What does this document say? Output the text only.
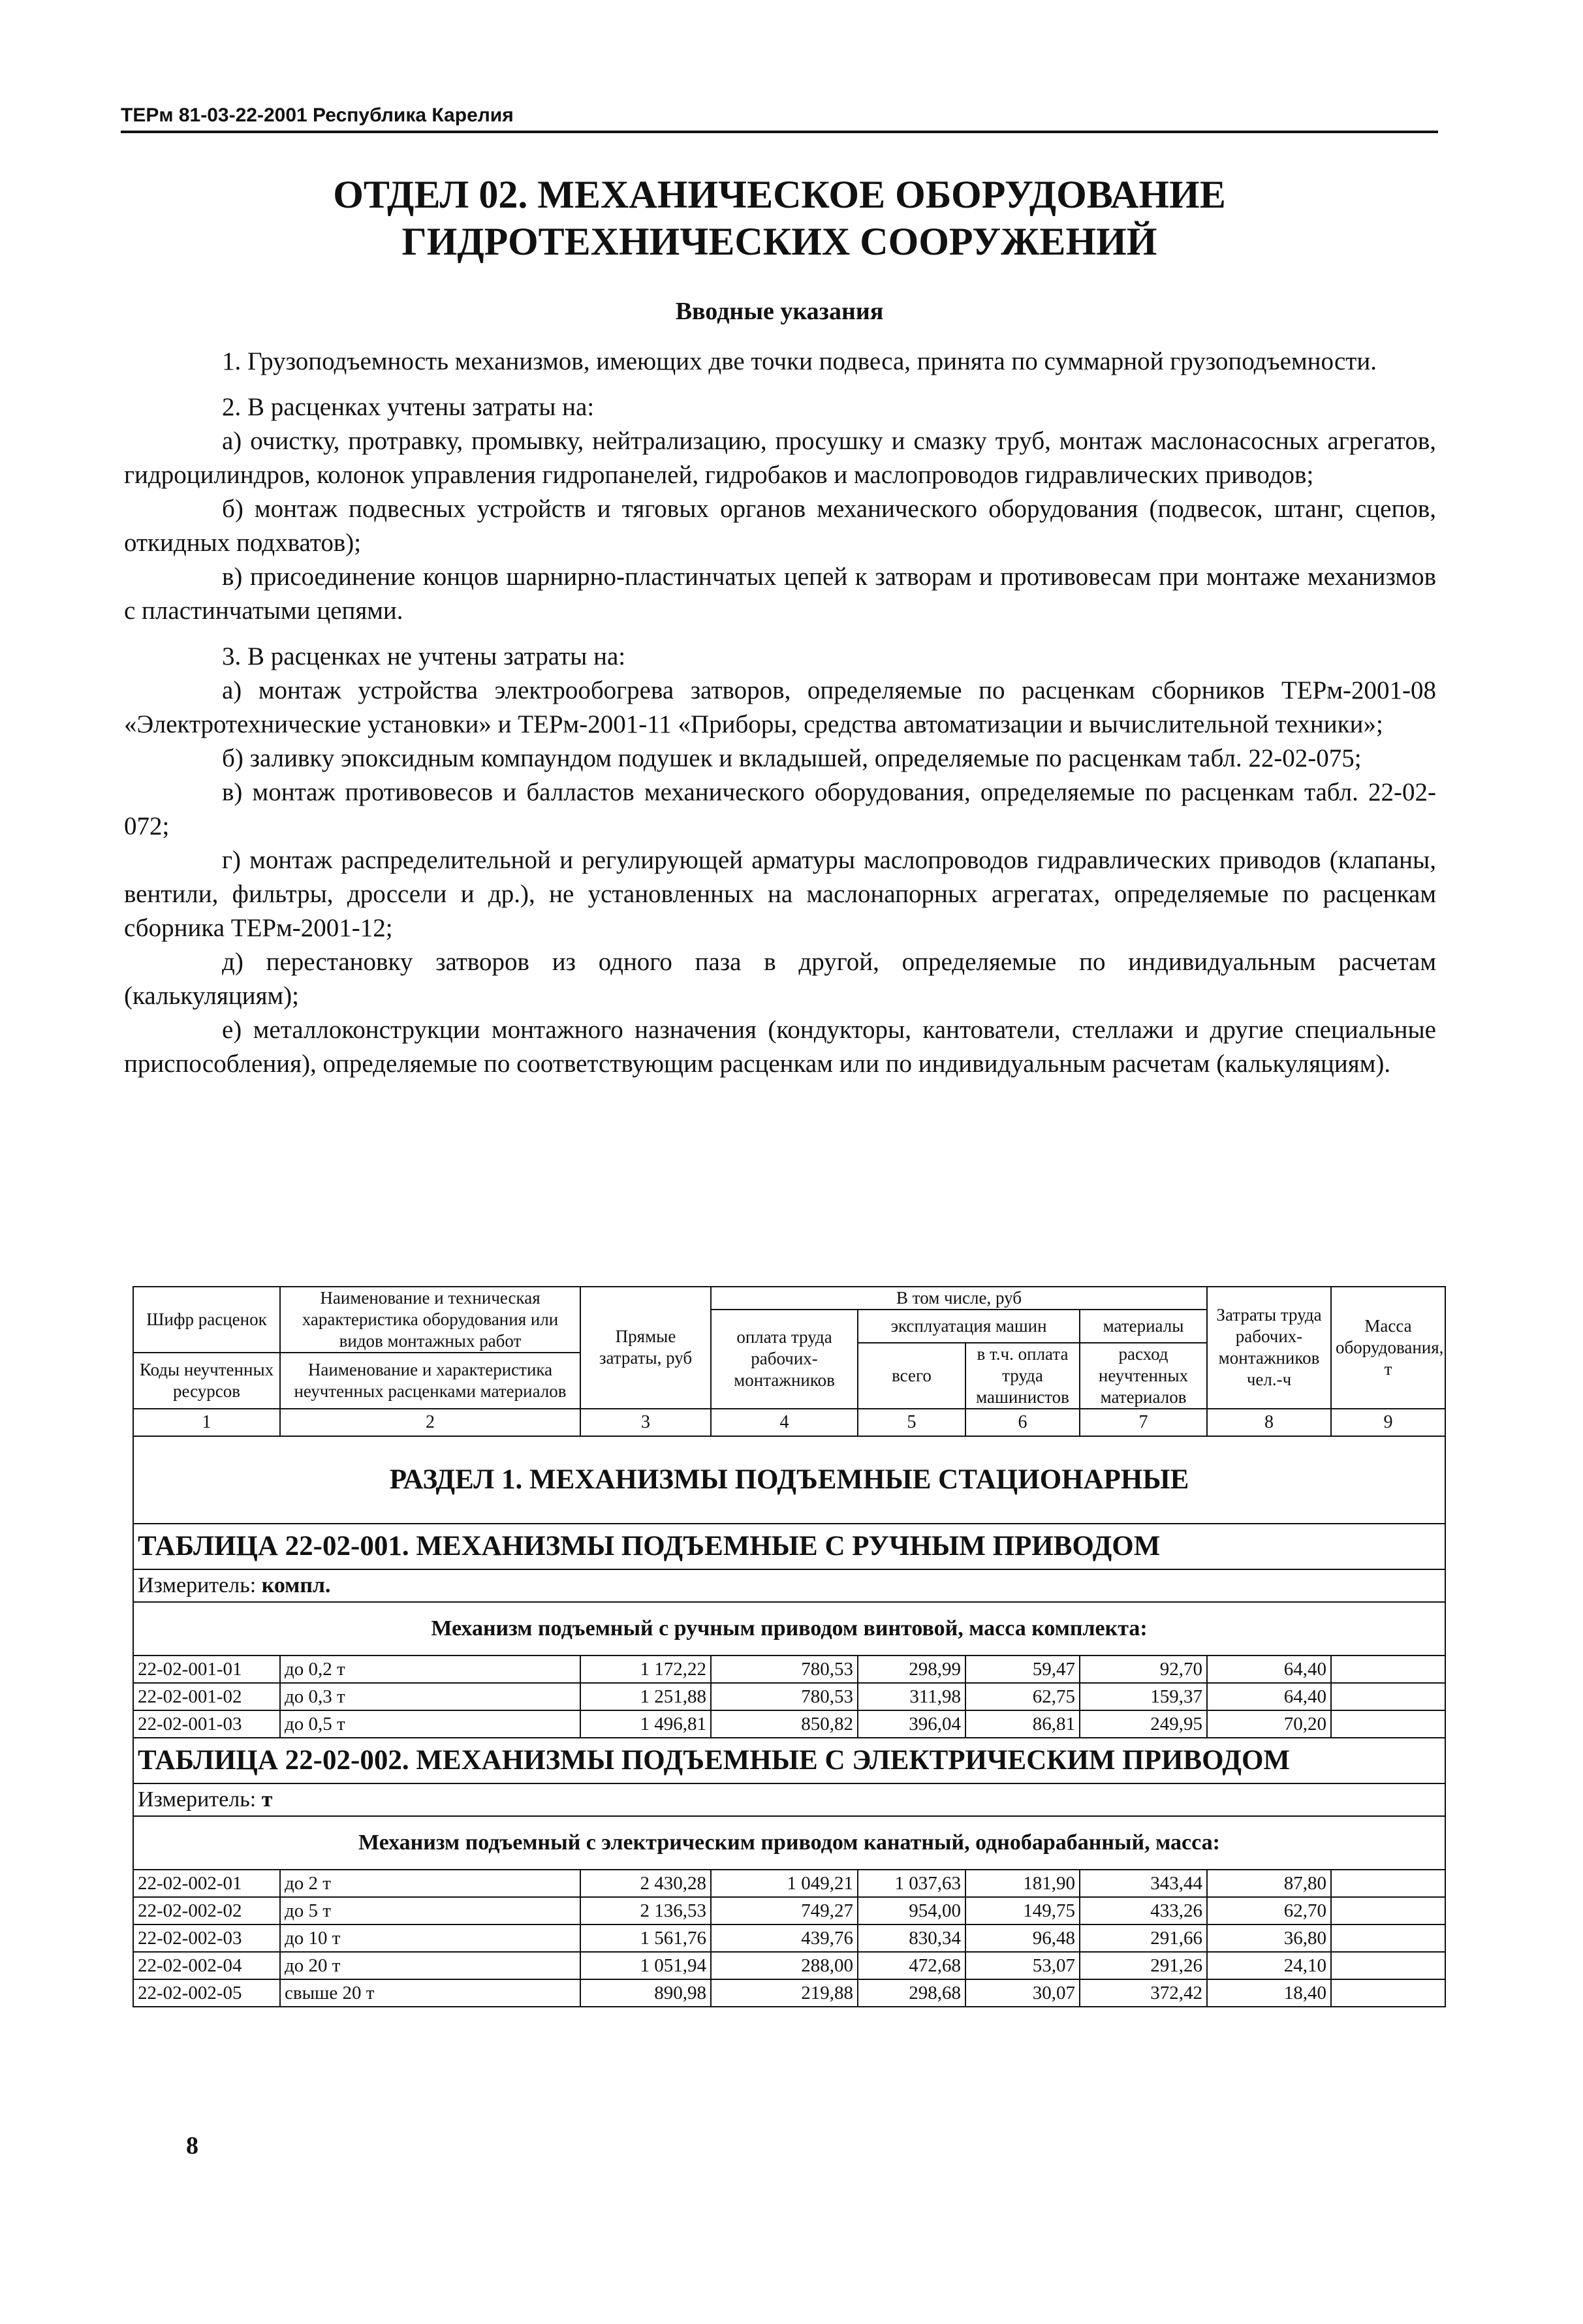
ТЕРм 81-03-22-2001 Республика Карелия
ОТДЕЛ 02. МЕХАНИЧЕСКОЕ ОБОРУДОВАНИЕ
ГИДРОТЕХНИЧЕСКИХ СООРУЖЕНИЙ
Вводные указания

1. Грузоподъемность механизмов, имеющих две точки подвеса, принята по суммарной грузоподъемности.

2. В расценках учтены затраты на:

а) очистку, протравку, промывку, нейтрализацию, просушку и смазку труб, монтаж маслонасосных агрегатов, гидроцилиндров, колонок управления гидропанелей, гидробаков и маслопроводов гидравлических приводов;

б) монтаж подвесных устройств и тяговых органов механического оборудования (подвесок, штанг, сцепов, откидных подхватов);

в) присоединение концов шарнирно-пластинчатых цепей к затворам и противовесам при монтаже механизмов с пластинчатыми цепями.

3. В расценках не учтены затраты на:

а) монтаж устройства электрообогрева затворов, определяемые по расценкам сборников ТЕРм-2001-08 «Электротехнические установки» и ТЕРм-2001-11 «Приборы, средства автоматизации и вычислительной техники»;

б) заливку эпоксидным компаундом подушек и вкладышей, определяемые по расценкам табл. 22-02-075;

в) монтаж противовесов и балластов механического оборудования, определяемые по расценкам табл. 22-02-072;

г) монтаж распределительной и регулирующей арматуры маслопроводов гидравлических приводов (клапаны, вентили, фильтры, дроссели и др.), не установленных на маслонапорных агрегатах, определяемые по расценкам сборника ТЕРм-2001-12;

д) перестановку затворов из одного паза в другой, определяемые по индивидуальным расчетам (калькуляциям);

е) металлоконструкции монтажного назначения (кондукторы, кантователи, стеллажи и другие специальные приспособления), определяемые по соответствующим расценкам или по индивидуальным расчетам (калькуляциям).

Шифр расценок	Наименование и техническая характеристика оборудования или видов монтажных работ	Прямые затраты, руб	В том числе, руб				Затраты труда рабочих-монтажников чел.-ч	Масса оборудования, т
			оплата труда рабочих-монтажников	эксплуатация машин		материалы		
				всего	в т.ч. оплата труда машинистов	расход неучтенных материалов		
Коды неучтенных ресурсов	Наименование и характеристика неучтенных расценками материалов							

1	2	3	4	5	6	7	8	9
РАЗДЕЛ 1. МЕХАНИЗМЫ ПОДЪЕМНЫЕ СТАЦИОНАРНЫЕ								
ТАБЛИЦА 22-02-001. МЕХАНИЗМЫ ПОДЪЕМНЫЕ С РУЧНЫМ ПРИВОДОМ								
Измеритель: компл.								
Механизм подъемный с ручным приводом винтовой, масса комплекта:								
22-02-001-01	до 0,2 т	1 172,22	780,53	298,99	59,47	92,70	64,40	
22-02-001-02	до 0,3 т	1 251,88	780,53	311,98	62,75	159,37	64,40	
22-02-001-03	до 0,5 т	1 496,81	850,82	396,04	86,81	249,95	70,20	
ТАБЛИЦА 22-02-002. МЕХАНИЗМЫ ПОДЪЕМНЫЕ С ЭЛЕКТРИЧЕСКИМ ПРИВОДОМ								
Измеритель: т								
Механизм подъемный с электрическим приводом канатный, однобарабанный, масса:								
22-02-002-01	до 2 т	2 430,28	1 049,21	1 037,63	181,90	343,44	87,80	
22-02-002-02	до 5 т	2 136,53	749,27	954,00	149,75	433,26	62,70	
22-02-002-03	до 10 т	1 561,76	439,76	830,34	96,48	291,66	36,80	
22-02-002-04	до 20 т	1 051,94	288,00	472,68	53,07	291,26	24,10	
22-02-002-05	свыше 20 т	890,98	219,88	298,68	30,07	372,42	18,40	
8
